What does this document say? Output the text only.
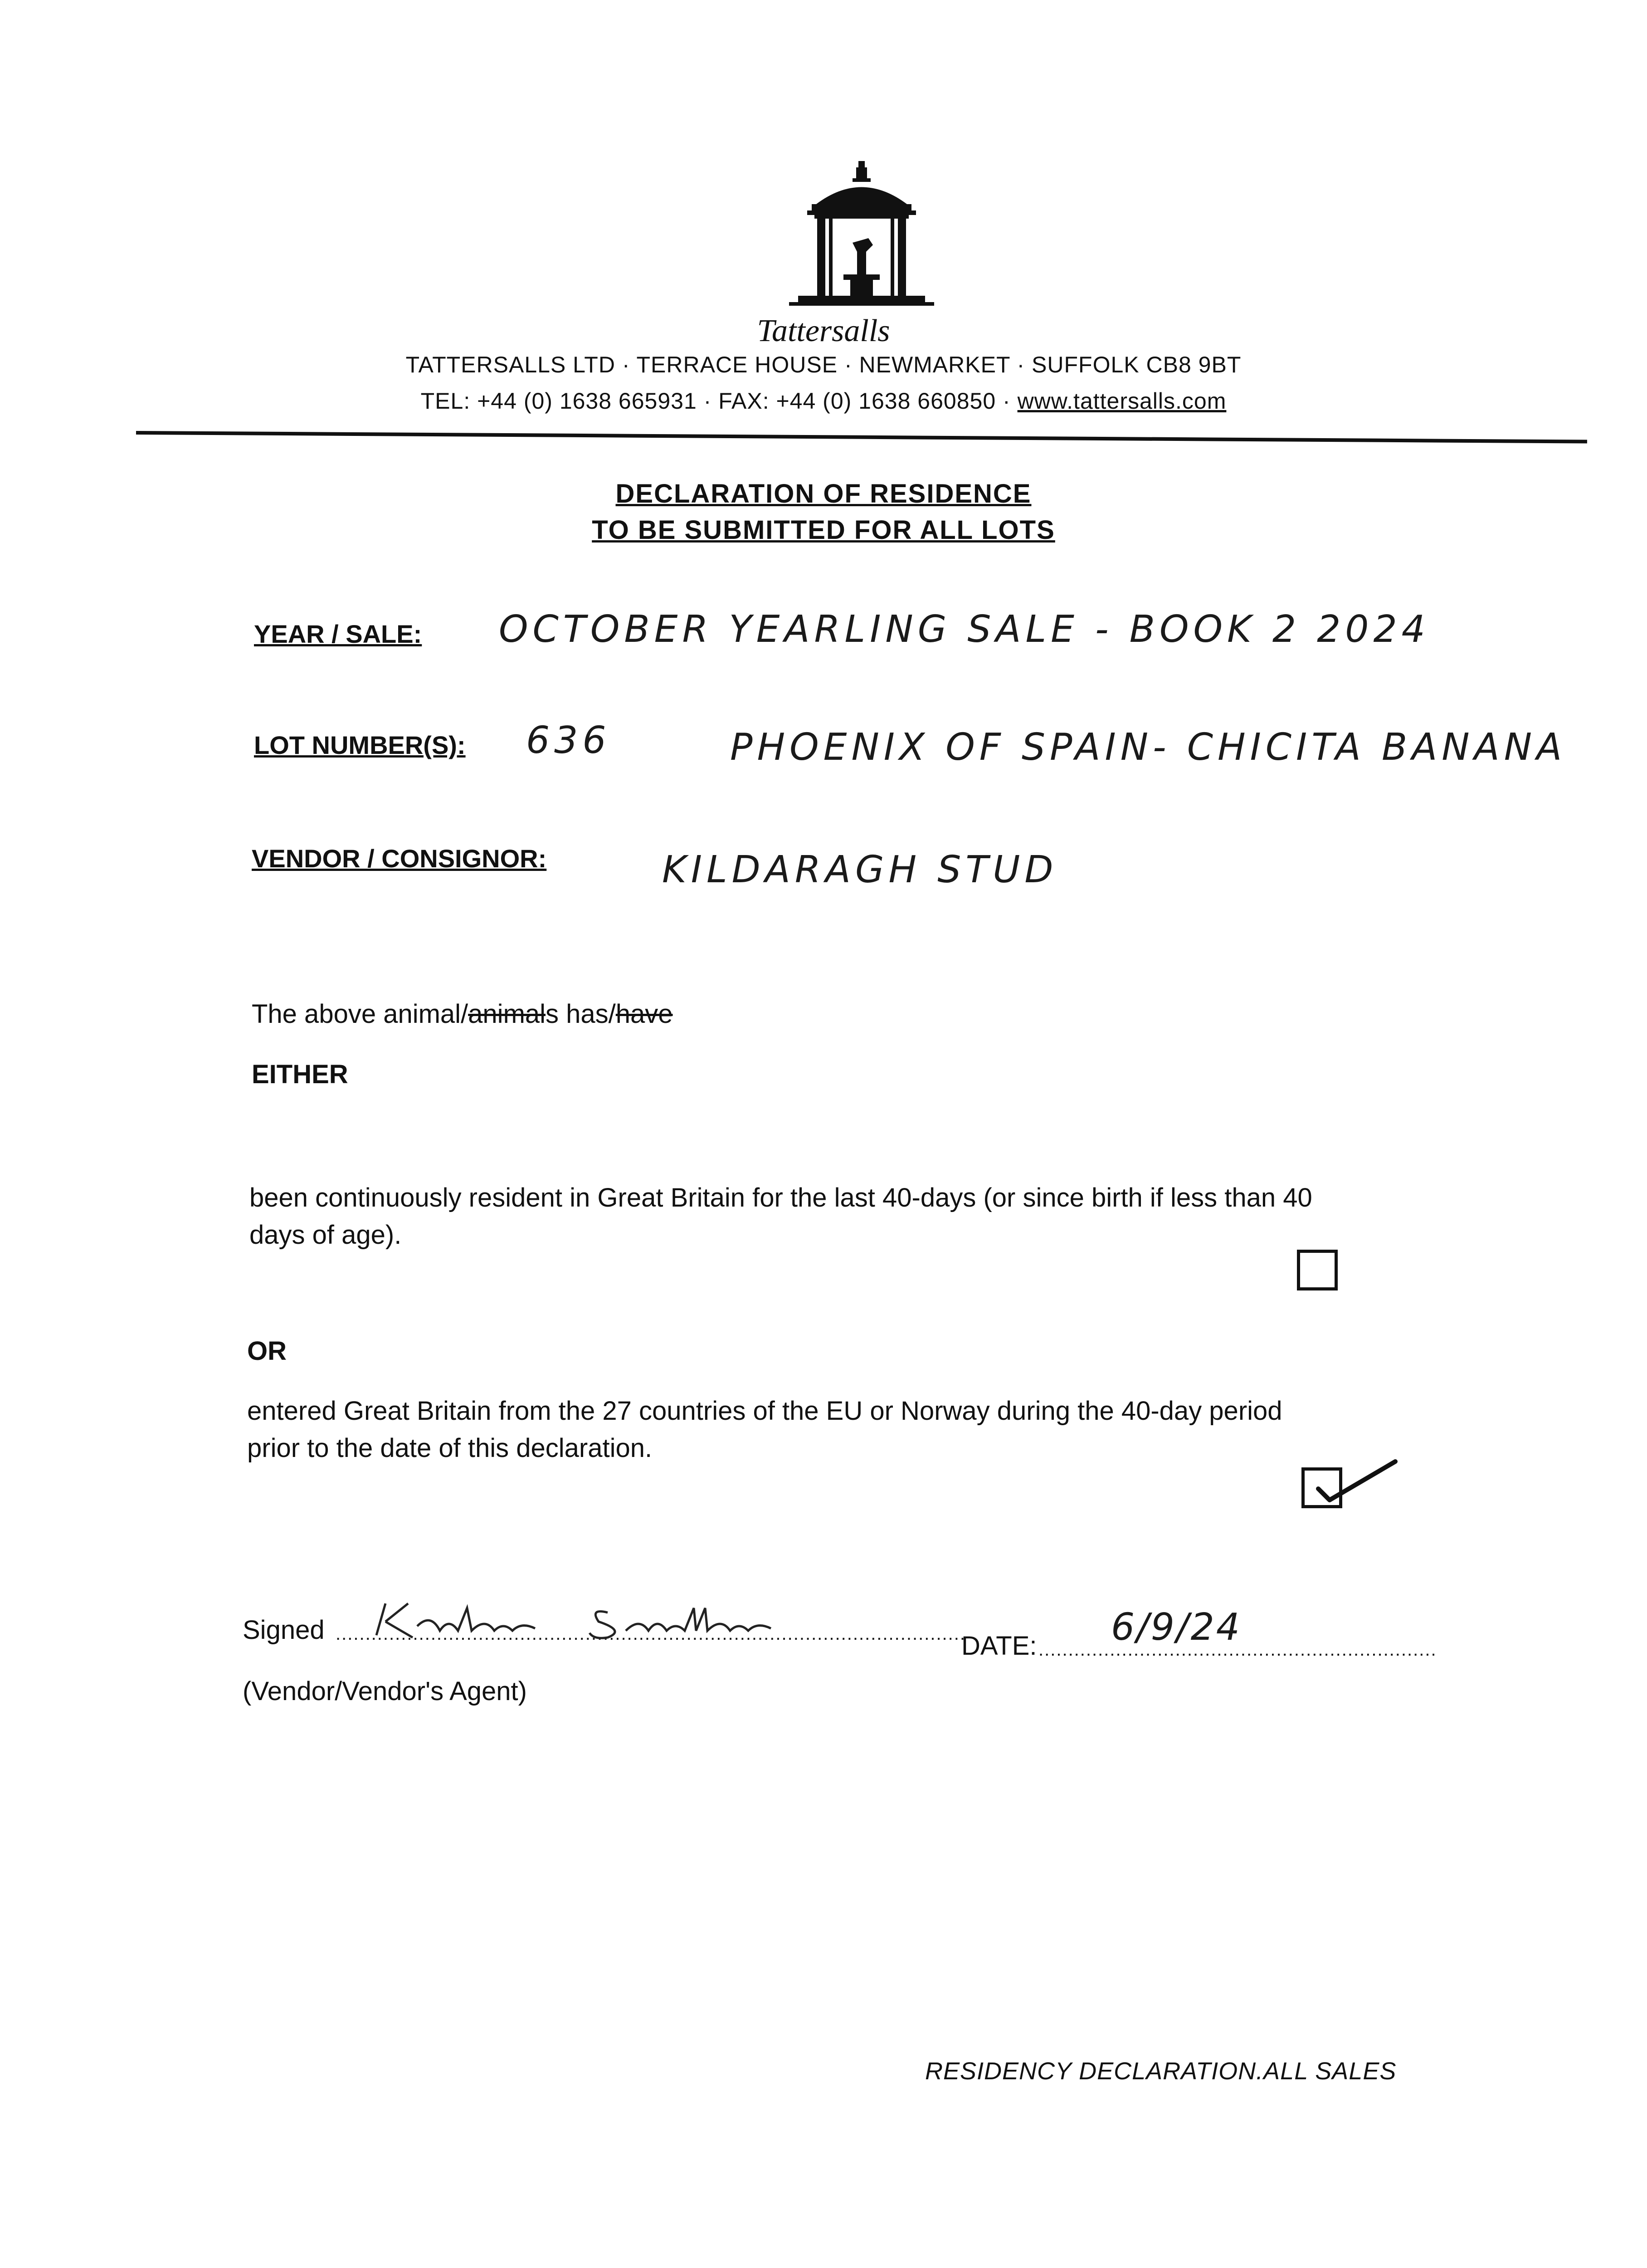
Tattersalls
TATTERSALLS LTD · TERRACE HOUSE · NEWMARKET · SUFFOLK CB8 9BT
TEL: +44 (0) 1638 665931 · FAX: +44 (0) 1638 660850 · www.tattersalls.com
DECLARATION OF RESIDENCE
TO BE SUBMITTED FOR ALL LOTS
YEAR / SALE: OCTOBER YEARLING SALE - BOOK 2 2024
LOT NUMBER(S): 636	PHOENIX OF SPAIN- CHICITA BANANA
VENDOR / CONSIGNOR:	KILDARAGH STUD
The above animal/animals has/have
EITHER
been continuously resident in Great Britain for the last 40-days (or since birth if less than 40
days of age).
OR
entered Great Britain from the 27 countries of the EU or Norway during the 40-day period
prior to the date of this declaration.
Signed ..........................................................................................................
DATE: ...................................................................
6/9/24
(Vendor/Vendor's Agent)
RESIDENCY DECLARATION.ALL SALES
